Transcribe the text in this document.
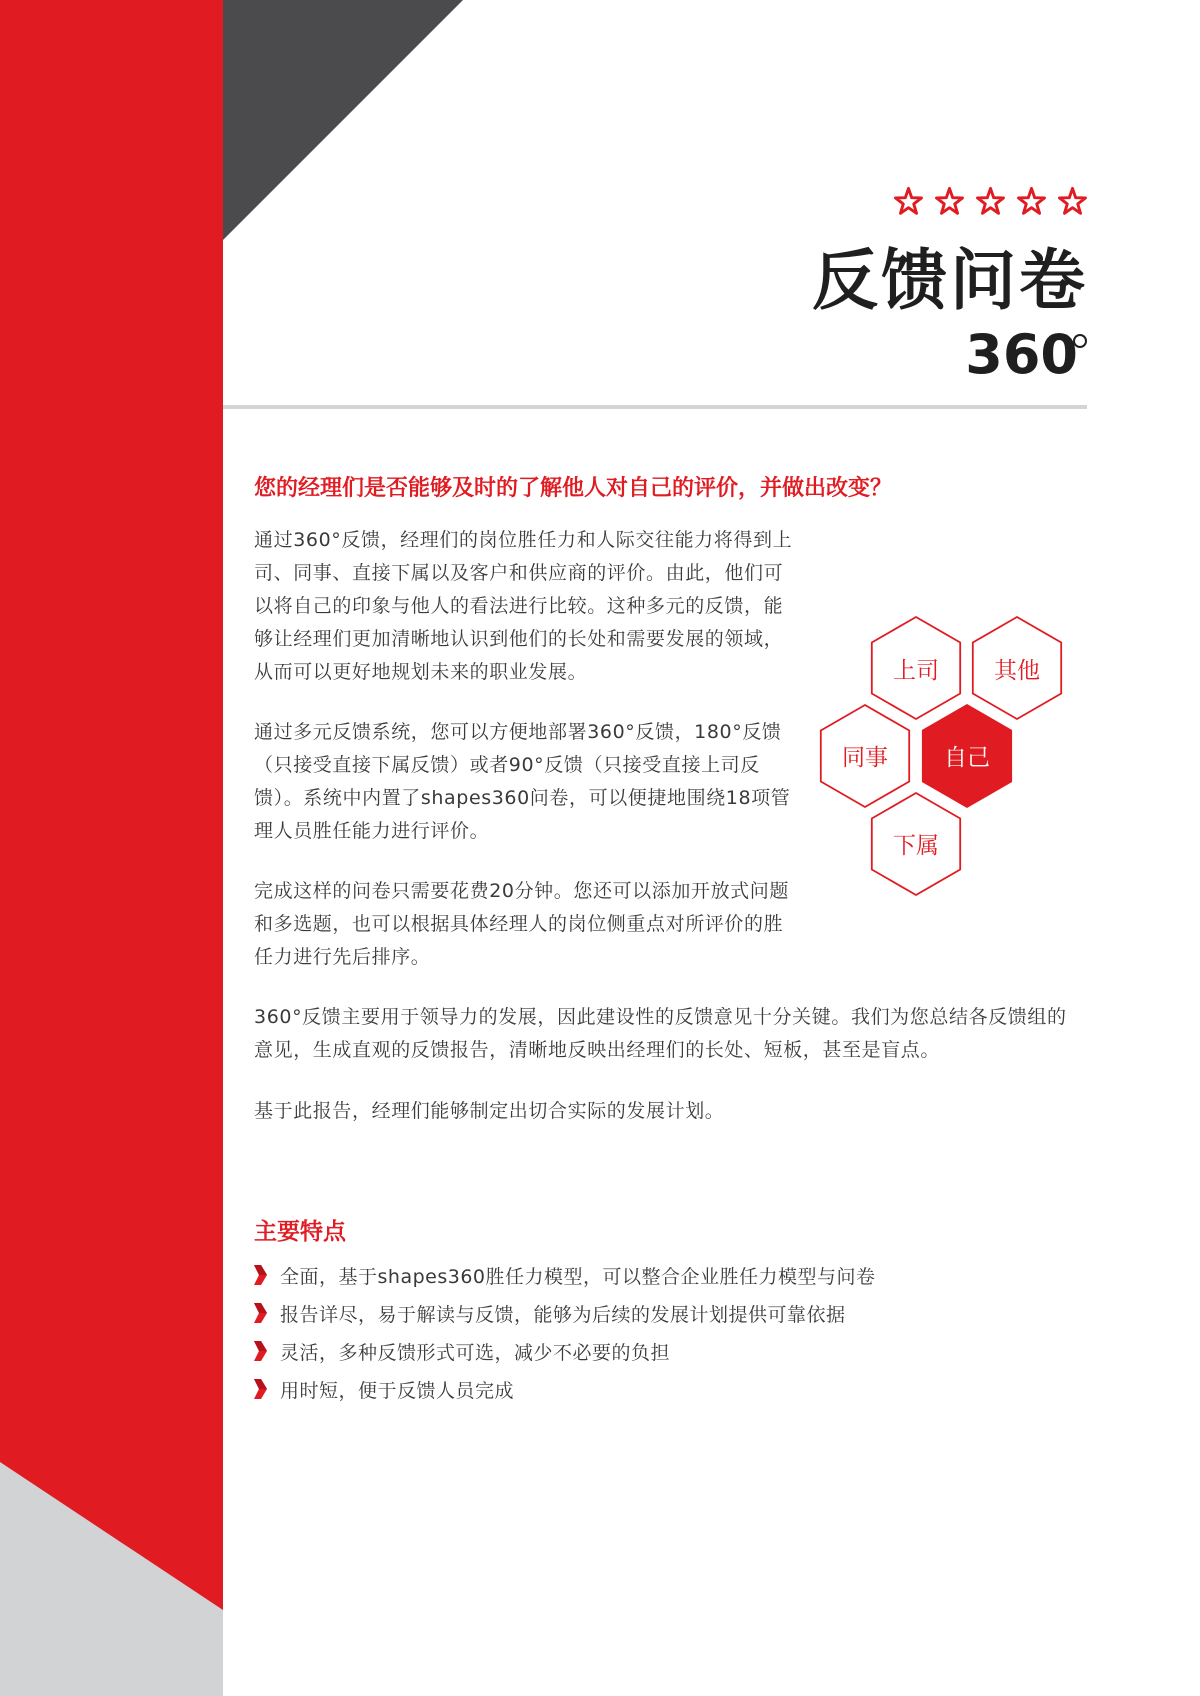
反馈问卷
360
您的经理们是否能够及时的了解他人对自己的评价，并做出改变？

通过360°反馈，经理们的岗位胜任力和人际交往能力将得到上司、同事、直接下属以及客户和供应商的评价。由此，他们可以将自己的印象与他人的看法进行比较。这种多元的反馈，能够让经理们更加清晰地认识到他们的长处和需要发展的领域，从而可以更好地规划未来的职业发展。

通过多元反馈系统，您可以方便地部署360°反馈，180°反馈（只接受直接下属反馈）或者90°反馈（只接受直接上司反馈）。系统中内置了shapes360问卷，可以便捷地围绕18项管理人员胜任能力进行评价。

完成这样的问卷只需要花费20分钟。您还可以添加开放式问题和多选题，也可以根据具体经理人的岗位侧重点对所评价的胜任力进行先后排序。

360°反馈主要用于领导力的发展，因此建设性的反馈意见十分关键。我们为您总结各反馈组的意见，生成直观的反馈报告，清晰地反映出经理们的长处、短板，甚至是盲点。

基于此报告，经理们能够制定出切合实际的发展计划。

上司 其他
同事 自己
下属
主要特点
全面，基于shapes360胜任力模型，可以整合企业胜任力模型与问卷
报告详尽，易于解读与反馈，能够为后续的发展计划提供可靠依据
灵活，多种反馈形式可选，减少不必要的负担
用时短，便于反馈人员完成
